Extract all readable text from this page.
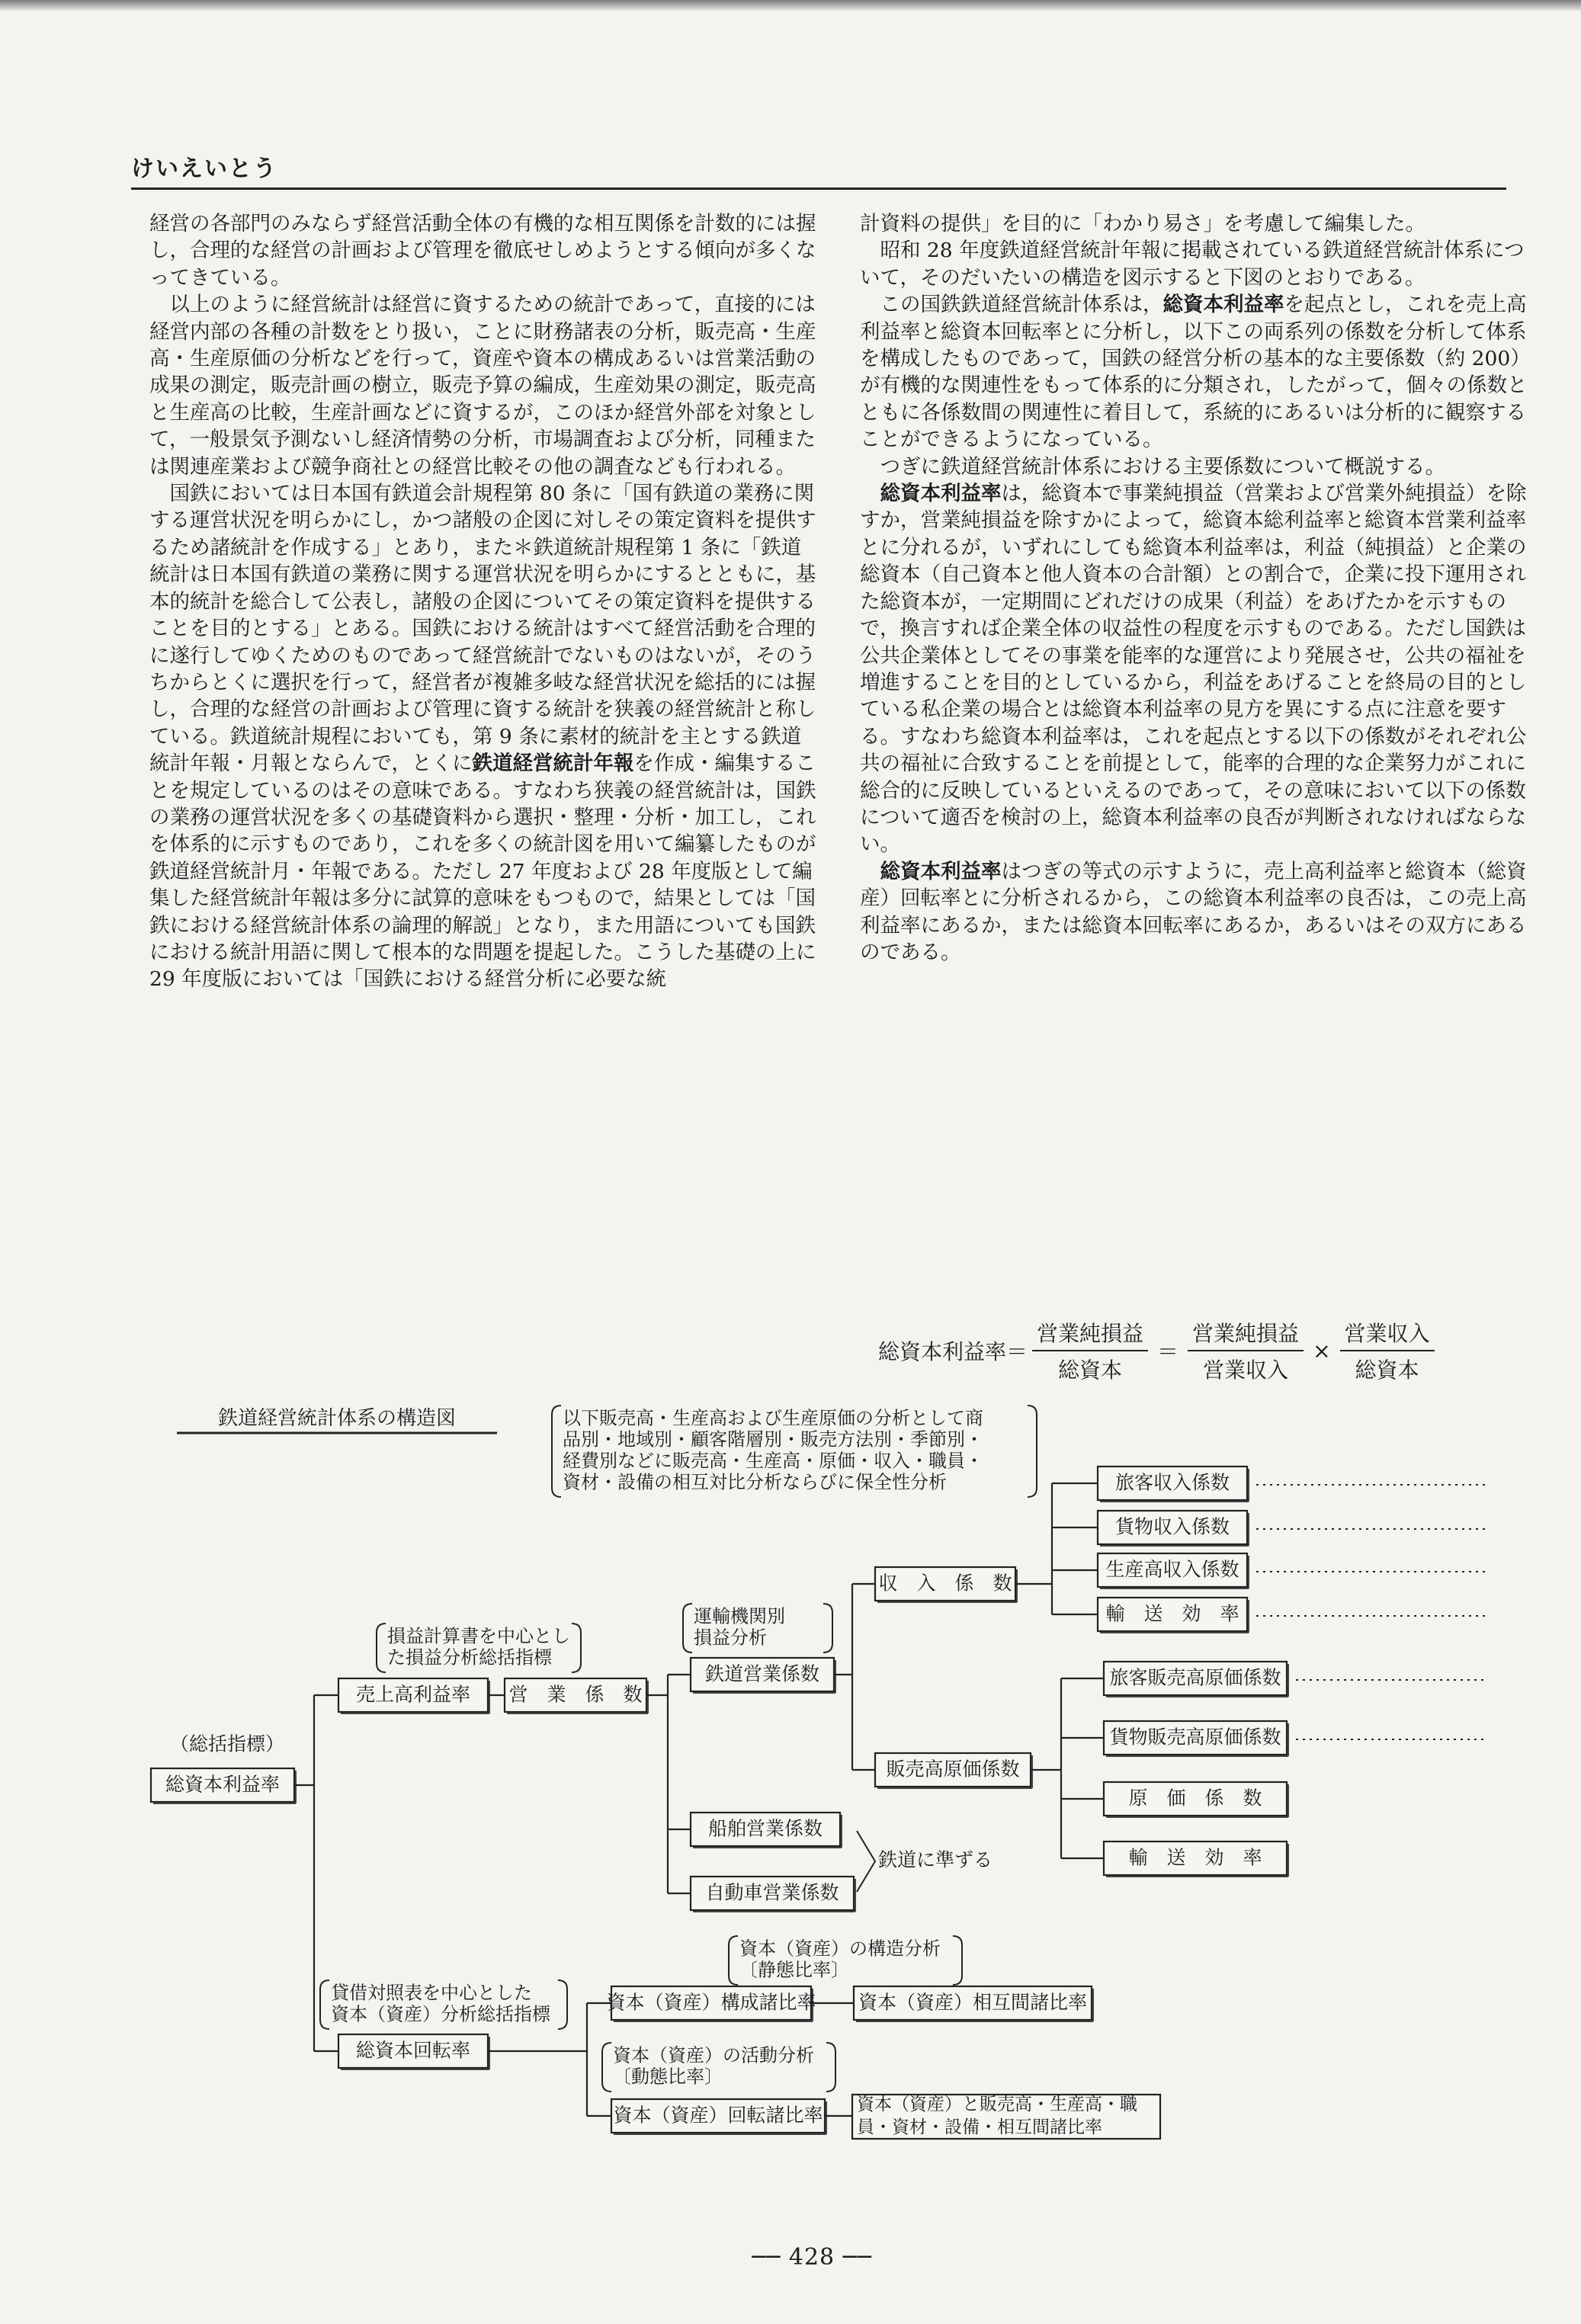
けいえいとう

経営の各部門のみならず経営活動全体の有機的な相互関係を計数的には握し，合理的な経営の計画および管理を徹底せしめようとする傾向が多くなってきている。

以上のように経営統計は経営に資するための統計であって，直接的には経営内部の各種の計数をとり扱い，ことに財務諸表の分析，販売高・生産高・生産原価の分析などを行って，資産や資本の構成あるいは営業活動の成果の測定，販売計画の樹立，販売予算の編成，生産効果の測定，販売高と生産高の比較，生産計画などに資するが，このほか経営外部を対象として，一般景気予測ないし経済情勢の分析，市場調査および分析，同種または関連産業および競争商社との経営比較その他の調査なども行われる。

国鉄においては日本国有鉄道会計規程第 80 条に「国有鉄道の業務に関する運営状況を明らかにし，かつ諸般の企図に対しその策定資料を提供するため諸統計を作成する」とあり，また＊鉄道統計規程第 1 条に「鉄道統計は日本国有鉄道の業務に関する運営状況を明らかにするとともに，基本的統計を総合して公表し，諸般の企図についてその策定資料を提供することを目的とする」とある。国鉄における統計はすべて経営活動を合理的に遂行してゆくためのものであって経営統計でないものはないが，そのうちからとくに選択を行って，経営者が複雑多岐な経営状況を総括的には握し，合理的な経営の計画および管理に資する統計を狭義の経営統計と称している。鉄道統計規程においても，第 9 条に素材的統計を主とする鉄道統計年報・月報とならんで，とくに鉄道経営統計年報を作成・編集することを規定しているのはその意味である。すなわち狭義の経営統計は，国鉄の業務の運営状況を多くの基礎資料から選択・整理・分析・加工し，これを体系的に示すものであり，これを多くの統計図を用いて編纂したものが鉄道経営統計月・年報である。ただし 27 年度および 28 年度版として編集した経営統計年報は多分に試算的意味をもつもので，結果としては「国鉄における経営統計体系の論理的解説」となり，また用語についても国鉄における統計用語に関して根本的な問題を提起した。こうした基礎の上に 29 年度版においては「国鉄における経営分析に必要な統

計資料の提供」を目的に「わかり易さ」を考慮して編集した。

昭和 28 年度鉄道経営統計年報に掲載されている鉄道経営統計体系について，そのだいたいの構造を図示すると下図のとおりである。

この国鉄鉄道経営統計体系は，総資本利益率を起点とし，これを売上高利益率と総資本回転率とに分析し，以下この両系列の係数を分析して体系を構成したものであって，国鉄の経営分析の基本的な主要係数（約 200）が有機的な関連性をもって体系的に分類され，したがって，個々の係数とともに各係数間の関連性に着目して，系統的にあるいは分析的に観察することができるようになっている。

つぎに鉄道経営統計体系における主要係数について概説する。

総資本利益率は，総資本で事業純損益（営業および営業外純損益）を除すか，営業純損益を除すかによって，総資本総利益率と総資本営業利益率とに分れるが，いずれにしても総資本利益率は，利益（純損益）と企業の総資本（自己資本と他人資本の合計額）との割合で，企業に投下運用された総資本が，一定期間にどれだけの成果（利益）をあげたかを示すもので，換言すれば企業全体の収益性の程度を示すものである。ただし国鉄は公共企業体としてその事業を能率的な運営により発展させ，公共の福祉を増進することを目的としているから，利益をあげることを終局の目的としている私企業の場合とは総資本利益率の見方を異にする点に注意を要する。すなわち総資本利益率は，これを起点とする以下の係数がそれぞれ公共の福祉に合致することを前提として，能率的合理的な企業努力がこれに総合的に反映しているといえるのであって，その意味において以下の係数について適否を検討の上，総資本利益率の良否が判断されなければならない。

総資本利益率はつぎの等式の示すように，売上高利益率と総資本（総資産）回転率とに分析されるから，この総資本利益率の良否は，この売上高利益率にあるか，または総資本回転率にあるか，あるいはその双方にあるのである。

総資本利益率＝ $\frac{\text{営業純損益}}{\text{総資本}} = \frac{\text{営業純損益}}{\text{営業収入}} \times \frac{\text{営業収入}}{\text{総資本}}$
鉄道経営統計体系の構造図	以下販売高・生産高および生産原価の分析として商
品別・地域別・顧客階層別・販売方法別・季節別・
経費別などに販売高・生産高・原価・収入・職員・
資材・設備の相互対比分析ならびに保全性分析
（総括指標）
総資本利益率
損益計算書を中心とし
た損益分析総括指標
売上高利益率 営　業　係　数
運輸機関別
損益分析
鉄道営業係数
収　入　係　数
旅客収入係数
貨物収入係数
生産高収入係数
輸　送　効　率
販売高原価係数
旅客販売高原価係数
貨物販売高原価係数
原　価　係　数
輸　送　効　率
船舶営業係数
自動車営業係数
鉄道に準ずる
貸借対照表を中心とした
資本（資産）分析総括指標
総資本回転率
資本（資産）の構造分析
〔静態比率〕
資本（資産）構成諸比率 資本（資産）相互間諸比率
資本（資産）の活動分析
〔動態比率〕
資本（資産）回転諸比率 資本（資産）と販売高・生産高・職
員・資材・設備・相互間諸比率
── 428 ──
